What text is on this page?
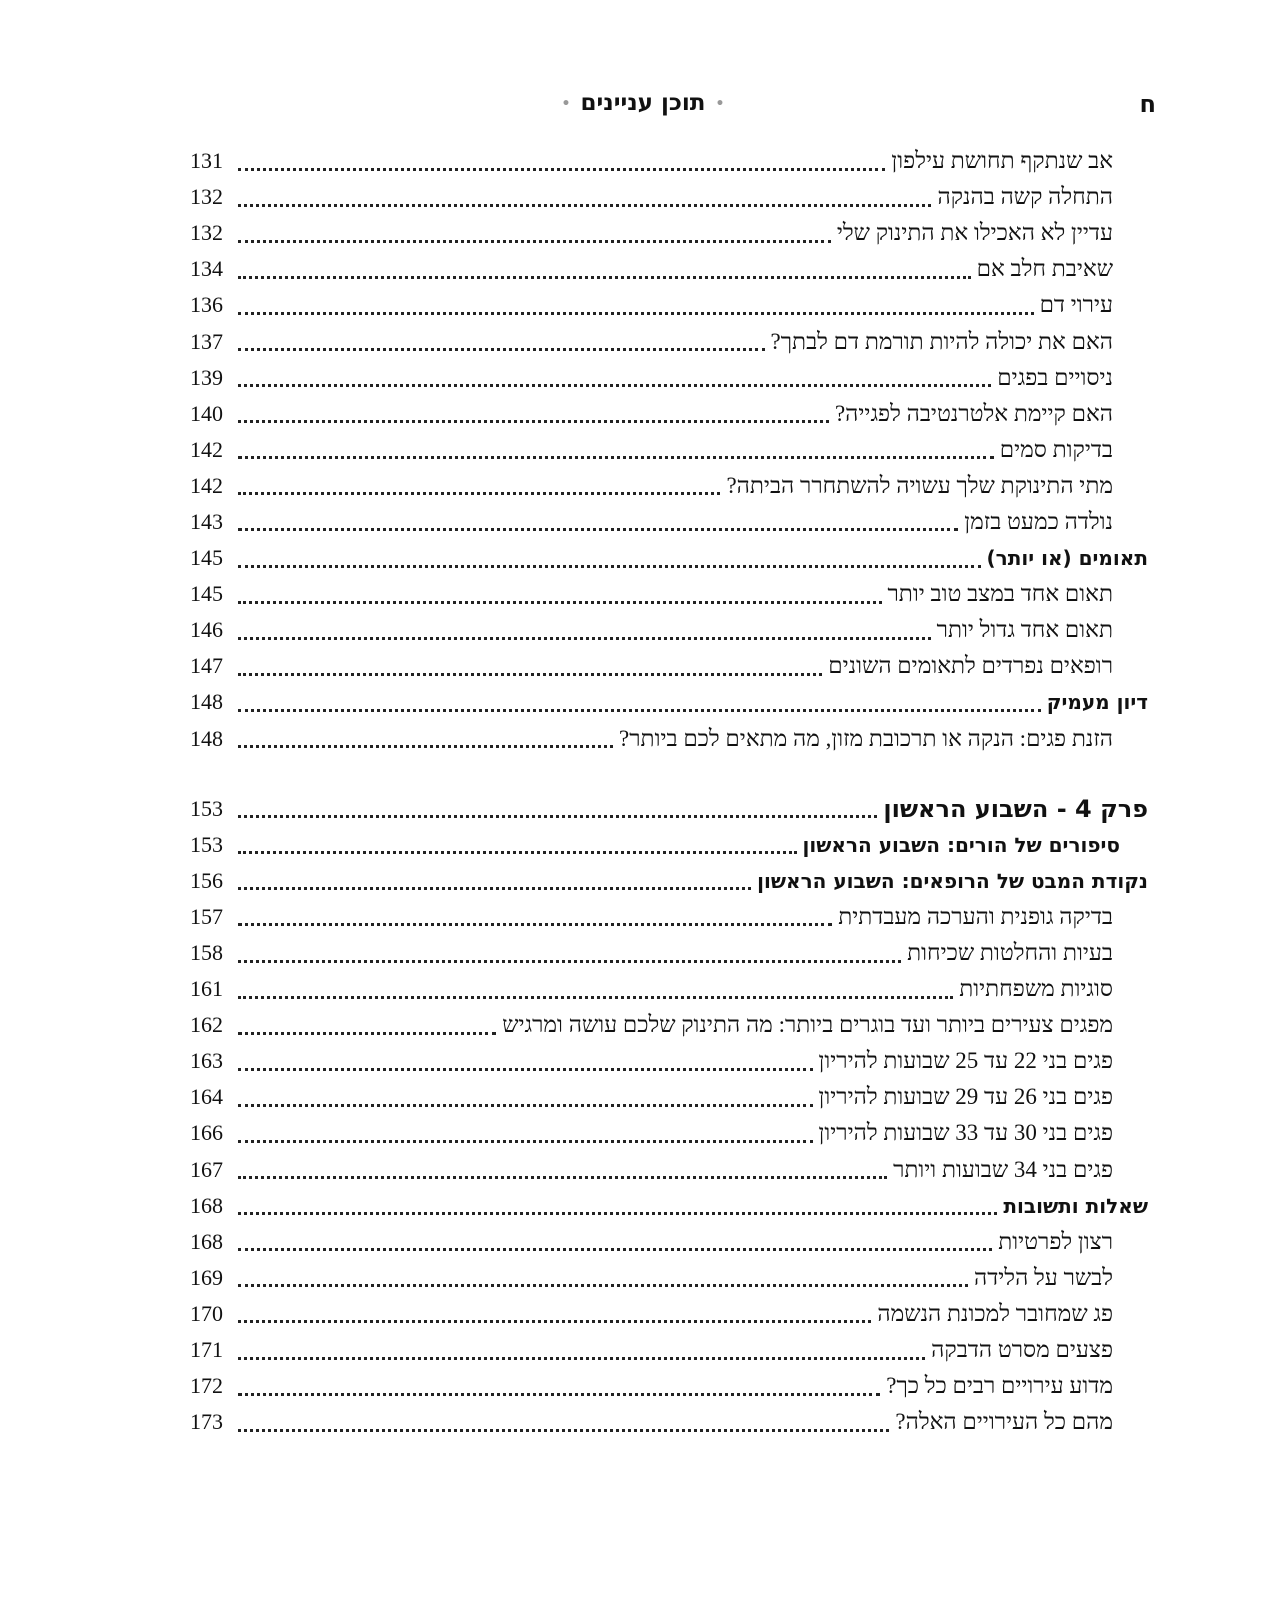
ח
•תוכן עניינים•
אב שנתקף תחושת עילפון
131
התחלה קשה בהנקה
132
עדיין לא האכילו את התינוק שלי
132
שאיבת חלב אם
134
עירוי דם
136
האם את יכולה להיות תורמת דם לבתך?
137
ניסויים בפגים
139
האם קיימת אלטרנטיבה לפגייה?
140
בדיקות סמים
142
מתי התינוקת שלך עשויה להשתחרר הביתה?
142
נולדה כמעט בזמן
143
תאומים (או יותר)
145
תאום אחד במצב טוב יותר
145
תאום אחד גדול יותר
146
רופאים נפרדים לתאומים השונים
147
דיון מעמיק
148
הזנת פגים: הנקה או תרכובת מזון, מה מתאים לכם ביותר?
148
פרק 4 - השבוע הראשון
153
סיפורים של הורים: השבוע הראשון
153
נקודת המבט של הרופאים: השבוע הראשון
156
בדיקה גופנית והערכה מעבדתית
157
בעיות והחלטות שכיחות
158
סוגיות משפחתיות
161
מפגים צעירים ביותר ועד בוגרים ביותר: מה התינוק שלכם עושה ומרגיש
162
פגים בני 22 עד 25 שבועות להיריון
163
פגים בני 26 עד 29 שבועות להיריון
164
פגים בני 30 עד 33 שבועות להיריון
166
פגים בני 34 שבועות ויותר
167
שאלות ותשובות
168
רצון לפרטיות
168
לבשר על הלידה
169
פג שמחובר למכונת הנשמה
170
פצעים מסרט הדבקה
171
מדוע עירויים רבים כל כך?
172
מהם כל העירויים האלה?
173
